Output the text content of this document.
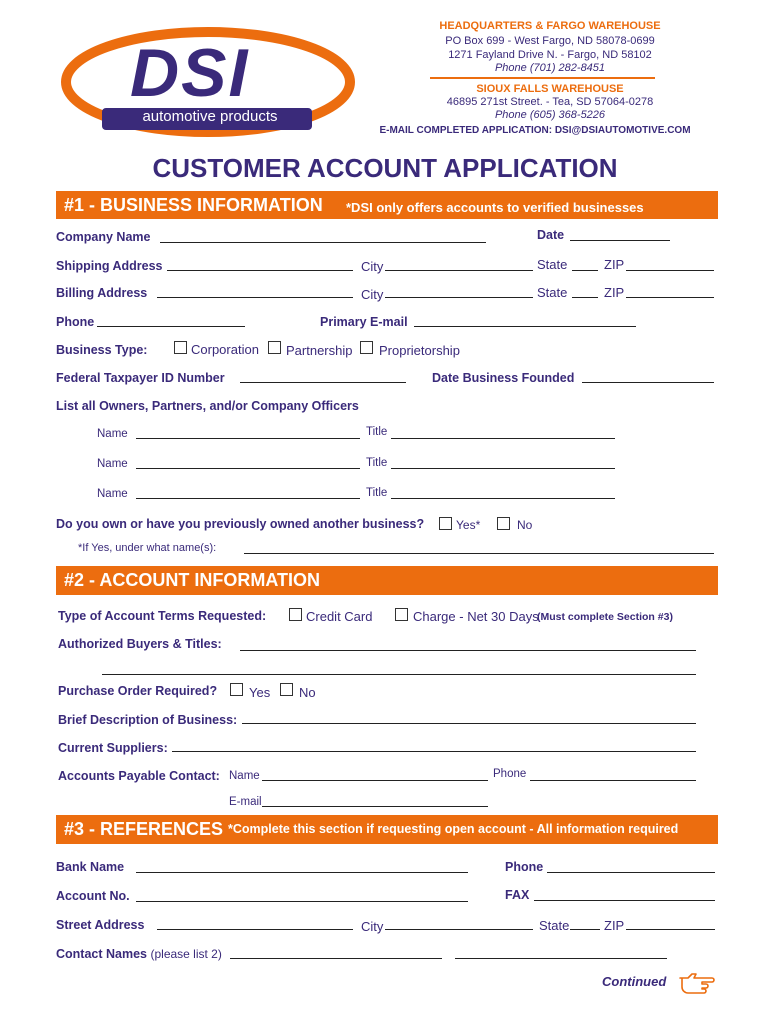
DSI
automotive products
HEADQUARTERS & FARGO WAREHOUSE
PO Box 699 - West Fargo, ND 58078-0699
1271 Fayland Drive N. - Fargo, ND 58102
Phone (701) 282-8451
SIOUX FALLS WAREHOUSE
46895 271st Street. - Tea, SD 57064-0278
Phone (605) 368-5226
E-MAIL COMPLETED APPLICATION: DSI@DSIAUTOMOTIVE.COM
CUSTOMER ACCOUNT APPLICATION
#1 - BUSINESS INFORMATION *DSI only offers accounts to verified businesses
Company Name	Date
Shipping Address	City	State	ZIP
Billing Address	City	State	ZIP
Phone	Primary E-mail
Business Type:	Corporation Partnership Proprietorship
Federal Taxpayer ID Number	Date Business Founded
List all Owners, Partners, and/or Company Officers
Name	Title
Name	Title
Name	Title
Do you own or have you previously owned another business?	Yes*	No
*If Yes, under what name(s):
#2 - ACCOUNT INFORMATION
Type of Account Terms Requested:	Credit Card	Charge - Net 30 Days
(Must complete Section #3)
Authorized Buyers & Titles:
Purchase Order Required? Yes No
Brief Description of Business:
Current Suppliers:
Accounts Payable Contact: Name	Phone
E-mail
#3 - REFERENCES *Complete this section if requesting open account - All information required
Bank Name	Phone
Account No.	FAX
Street Address	City	State	ZIP
Contact Names (please list 2)
Continued
